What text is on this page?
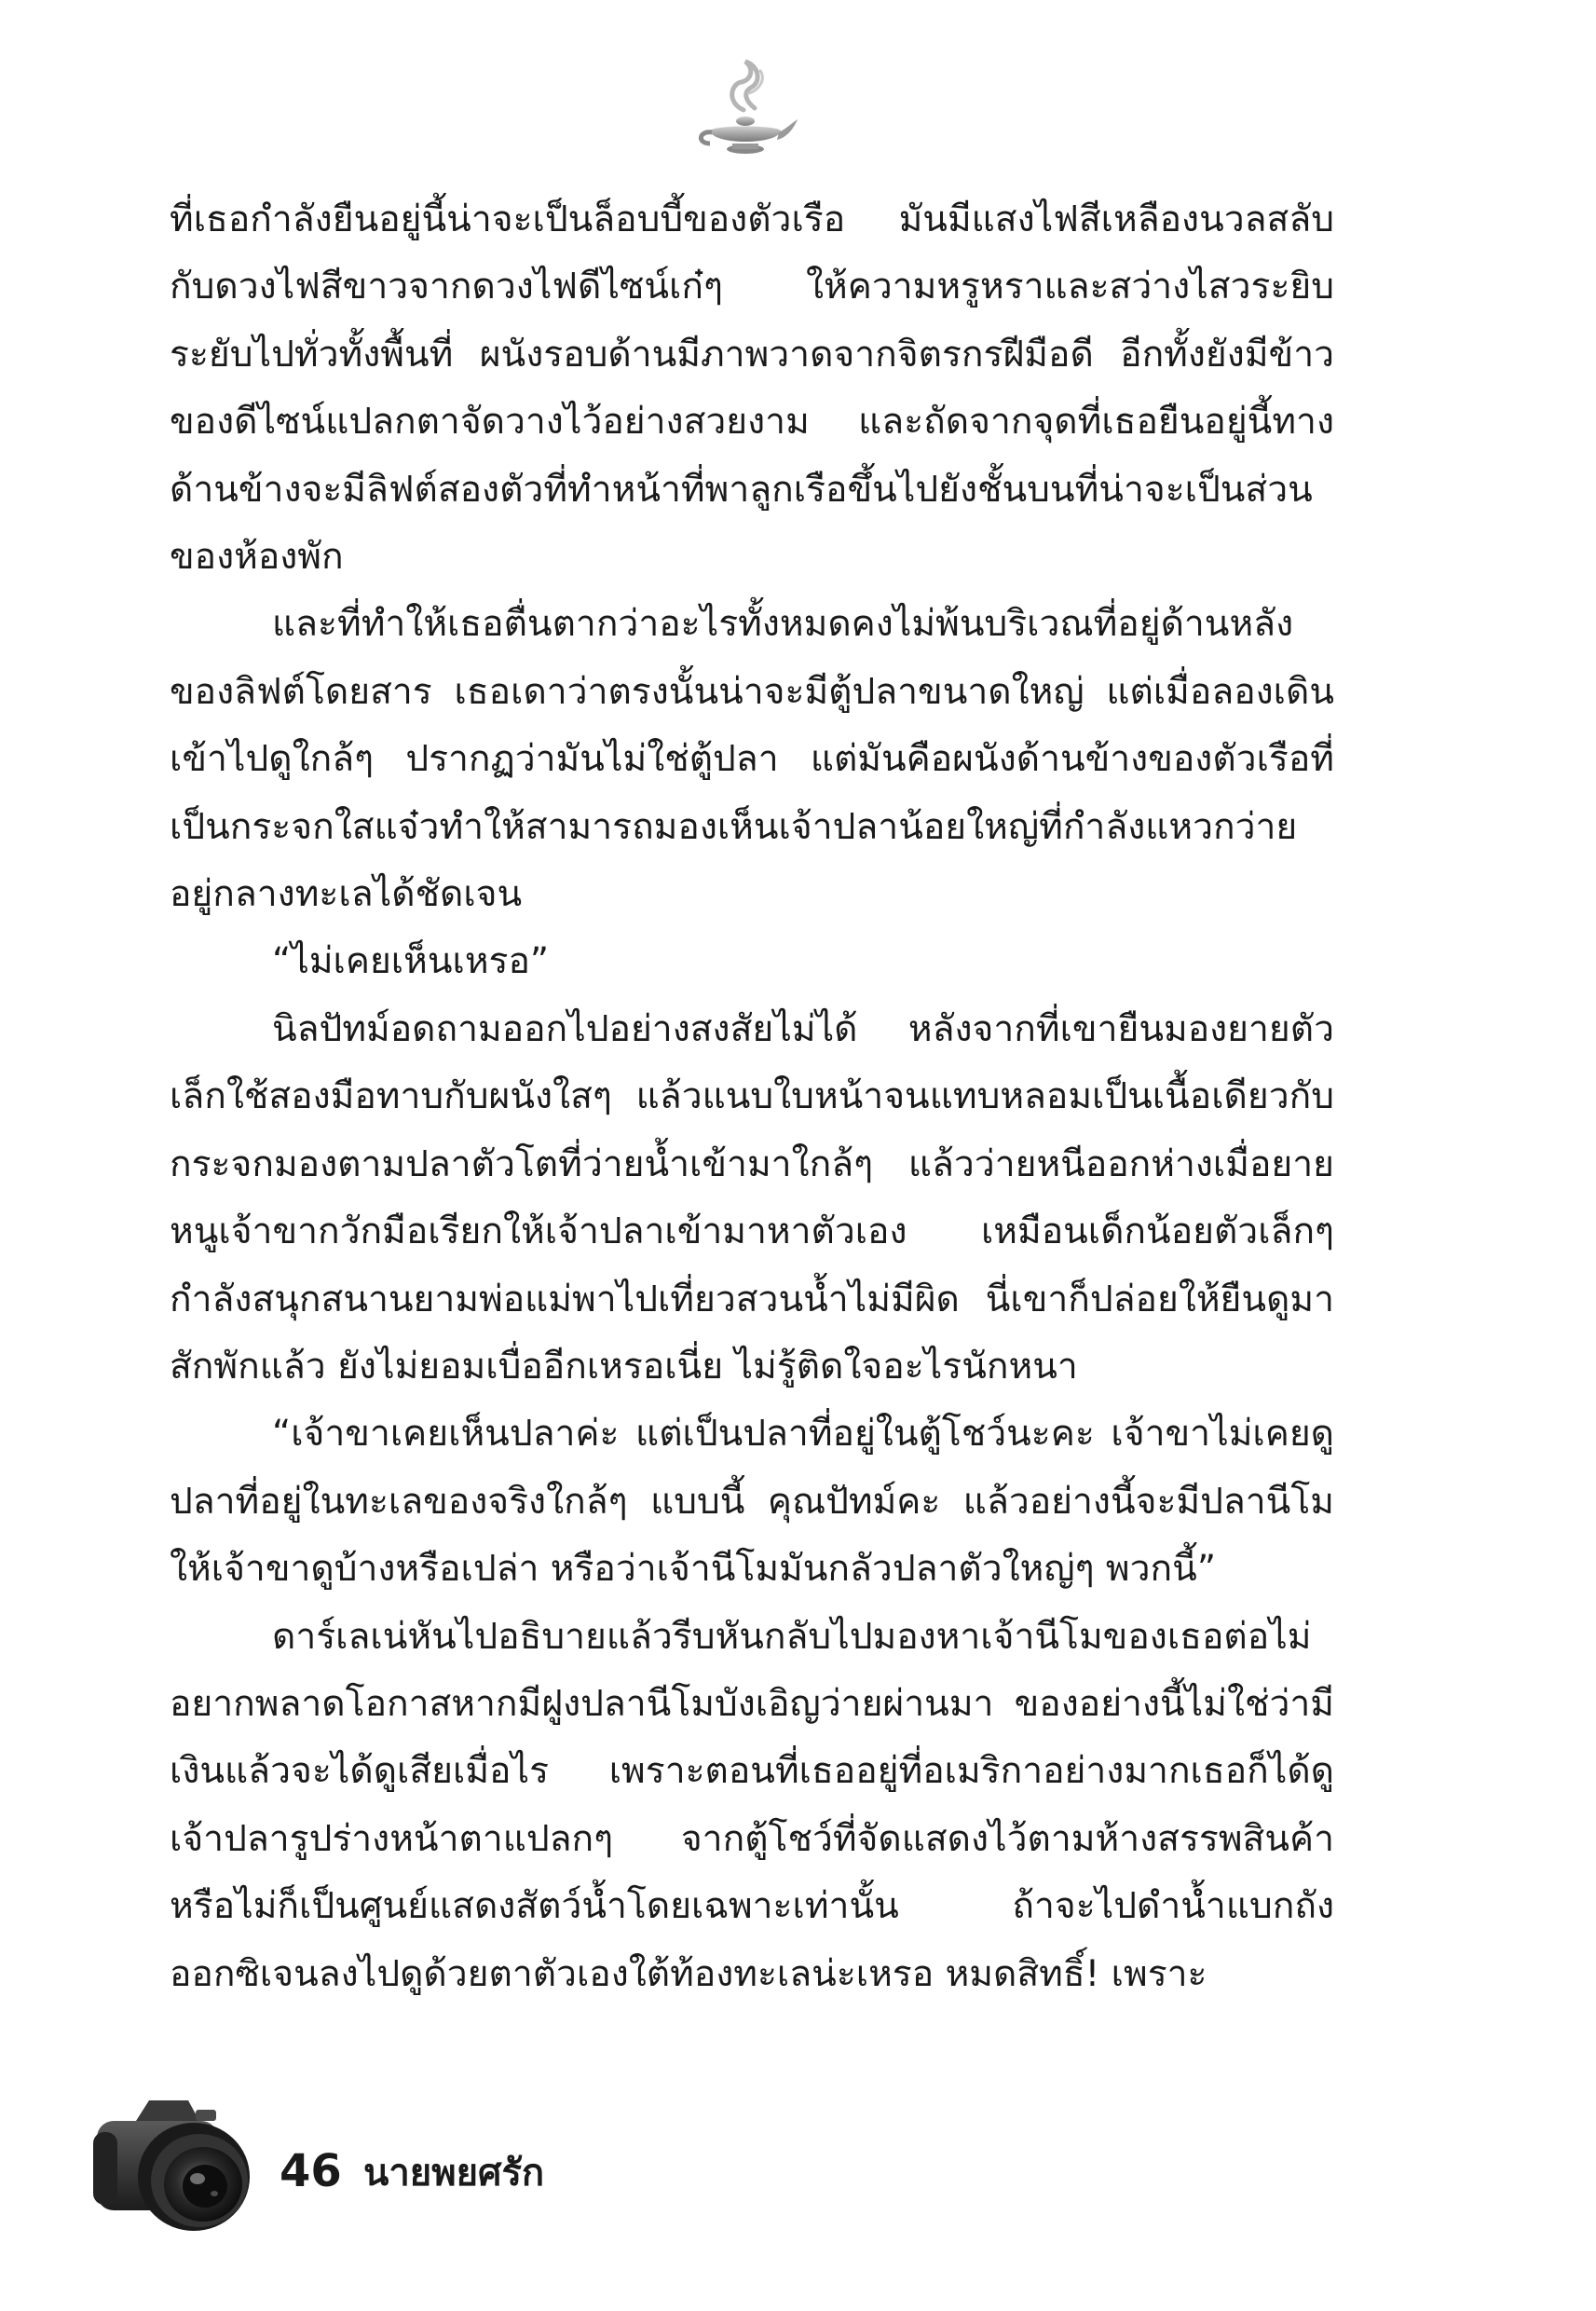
ที่เธอกำลังยืนอยู่นี้น่าจะเป็นล็อบบี้ของตัวเรือ มันมีแสงไฟสีเหลืองนวลสลับกับดวงไฟสีขาวจากดวงไฟดีไซน์เก๋ๆ ให้ความหรูหราและสว่างไสวระยิบระยับไปทั่วทั้งพื้นที่ ผนังรอบด้านมีภาพวาดจากจิตรกรฝีมือดี อีกทั้งยังมีข้าวของดีไซน์แปลกตาจัดวางไว้อย่างสวยงาม และถัดจากจุดที่เธอยืนอยู่นี้ทางด้านข้างจะมีลิฟต์สองตัวที่ทำหน้าที่พาลูกเรือขึ้นไปยังชั้นบนที่น่าจะเป็นส่วนของห้องพัก

และที่ทำให้เธอตื่นตากว่าอะไรทั้งหมดคงไม่พ้นบริเวณที่อยู่ด้านหลังของลิฟต์โดยสาร เธอเดาว่าตรงนั้นน่าจะมีตู้ปลาขนาดใหญ่ แต่เมื่อลองเดินเข้าไปดูใกล้ๆ ปรากฏว่ามันไม่ใช่ตู้ปลา แต่มันคือผนังด้านข้างของตัวเรือที่เป็นกระจกใสแจ๋วทำให้สามารถมองเห็นเจ้าปลาน้อยใหญ่ที่กำลังแหวกว่ายอยู่กลางทะเลได้ชัดเจน

“ไม่เคยเห็นเหรอ”

นิลปัทม์อดถามออกไปอย่างสงสัยไม่ได้ หลังจากที่เขายืนมองยายตัวเล็กใช้สองมือทาบกับผนังใสๆ แล้วแนบใบหน้าจนแทบหลอมเป็นเนื้อเดียวกับกระจกมองตามปลาตัวโตที่ว่ายน้ำเข้ามาใกล้ๆ แล้วว่ายหนีออกห่างเมื่อยายหนูเจ้าขากวักมือเรียกให้เจ้าปลาเข้ามาหาตัวเอง เหมือนเด็กน้อยตัวเล็กๆ กำลังสนุกสนานยามพ่อแม่พาไปเที่ยวสวนน้ำไม่มีผิด นี่เขาก็ปล่อยให้ยืนดูมาสักพักแล้ว ยังไม่ยอมเบื่ออีกเหรอเนี่ย ไม่รู้ติดใจอะไรนักหนา

“เจ้าขาเคยเห็นปลาค่ะ แต่เป็นปลาที่อยู่ในตู้โชว์นะคะ เจ้าขาไม่เคยดูปลาที่อยู่ในทะเลของจริงใกล้ๆ แบบนี้ คุณปัทม์คะ แล้วอย่างนี้จะมีปลานีโมให้เจ้าขาดูบ้างหรือเปล่า หรือว่าเจ้านีโมมันกลัวปลาตัวใหญ่ๆ พวกนี้”

ดาร์เลเน่หันไปอธิบายแล้วรีบหันกลับไปมองหาเจ้านีโมของเธอต่อไม่อยากพลาดโอกาสหากมีฝูงปลานีโมบังเอิญว่ายผ่านมา ของอย่างนี้ไม่ใช่ว่ามีเงินแล้วจะได้ดูเสียเมื่อไร เพราะตอนที่เธออยู่ที่อเมริกาอย่างมากเธอก็ได้ดูเจ้าปลารูปร่างหน้าตาแปลกๆ จากตู้โชว์ที่จัดแสดงไว้ตามห้างสรรพสินค้าหรือไม่ก็เป็นศูนย์แสดงสัตว์น้ำโดยเฉพาะเท่านั้น ถ้าจะไปดำน้ำแบกถังออกซิเจนลงไปดูด้วยตาตัวเองใต้ท้องทะเลน่ะเหรอ หมดสิทธิ์! เพราะ

46 นายพยศรัก
